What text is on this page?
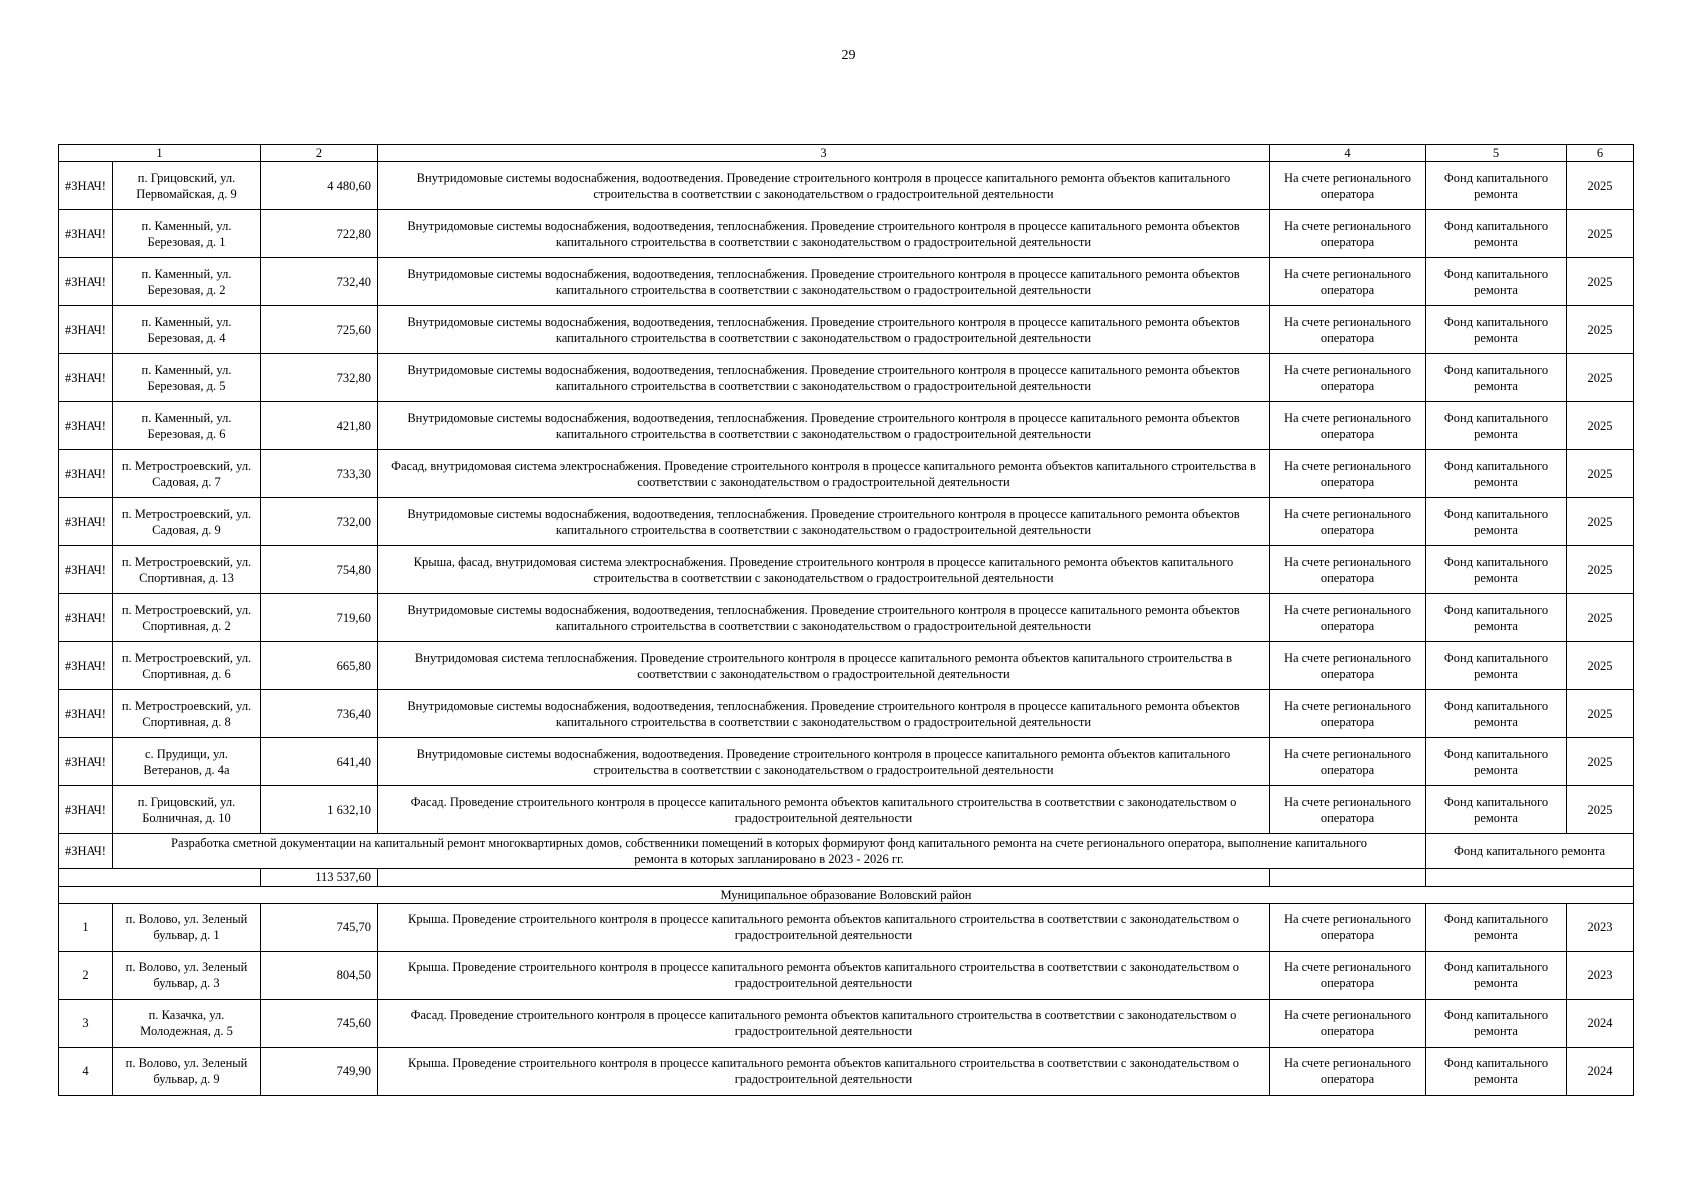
29
1		2	3	4	5	6
#ЗНАЧ!	п. Грицовский, ул. Первомайская, д. 9	4 480,60	Внутридомовые системы водоснабжения, водоотведения. Проведение строительного контроля в процессе капитального ремонта объектов капитального строительства в соответствии с законодательством о градостроительной деятельности	На счете регионального оператора	Фонд капитального ремонта	2025
#ЗНАЧ!	п. Каменный, ул. Березовая, д. 1	722,80	Внутридомовые системы водоснабжения, водоотведения, теплоснабжения. Проведение строительного контроля в процессе капитального ремонта объектов капитального строительства в соответствии с законодательством о градостроительной деятельности	На счете регионального оператора	Фонд капитального ремонта	2025
#ЗНАЧ!	п. Каменный, ул. Березовая, д. 2	732,40	Внутридомовые системы водоснабжения, водоотведения, теплоснабжения. Проведение строительного контроля в процессе капитального ремонта объектов капитального строительства в соответствии с законодательством о градостроительной деятельности	На счете регионального оператора	Фонд капитального ремонта	2025
#ЗНАЧ!	п. Каменный, ул. Березовая, д. 4	725,60	Внутридомовые системы водоснабжения, водоотведения, теплоснабжения. Проведение строительного контроля в процессе капитального ремонта объектов капитального строительства в соответствии с законодательством о градостроительной деятельности	На счете регионального оператора	Фонд капитального ремонта	2025
#ЗНАЧ!	п. Каменный, ул. Березовая, д. 5	732,80	Внутридомовые системы водоснабжения, водоотведения, теплоснабжения. Проведение строительного контроля в процессе капитального ремонта объектов капитального строительства в соответствии с законодательством о градостроительной деятельности	На счете регионального оператора	Фонд капитального ремонта	2025
#ЗНАЧ!	п. Каменный, ул. Березовая, д. 6	421,80	Внутридомовые системы водоснабжения, водоотведения, теплоснабжения. Проведение строительного контроля в процессе капитального ремонта объектов капитального строительства в соответствии с законодательством о градостроительной деятельности	На счете регионального оператора	Фонд капитального ремонта	2025
#ЗНАЧ!	п. Метростроевский, ул. Садовая, д. 7	733,30	Фасад, внутридомовая система электроснабжения. Проведение строительного контроля в процессе капитального ремонта объектов капитального строительства в соответствии с законодательством о градостроительной деятельности	На счете регионального оператора	Фонд капитального ремонта	2025
#ЗНАЧ!	п. Метростроевский, ул. Садовая, д. 9	732,00	Внутридомовые системы водоснабжения, водоотведения, теплоснабжения. Проведение строительного контроля в процессе капитального ремонта объектов капитального строительства в соответствии с законодательством о градостроительной деятельности	На счете регионального оператора	Фонд капитального ремонта	2025
#ЗНАЧ!	п. Метростроевский, ул. Спортивная, д. 13	754,80	Крыша, фасад, внутридомовая система электроснабжения. Проведение строительного контроля в процессе капитального ремонта объектов капитального строительства в соответствии с законодательством о градостроительной деятельности	На счете регионального оператора	Фонд капитального ремонта	2025
#ЗНАЧ!	п. Метростроевский, ул. Спортивная, д. 2	719,60	Внутридомовые системы водоснабжения, водоотведения, теплоснабжения. Проведение строительного контроля в процессе капитального ремонта объектов капитального строительства в соответствии с законодательством о градостроительной деятельности	На счете регионального оператора	Фонд капитального ремонта	2025
#ЗНАЧ!	п. Метростроевский, ул. Спортивная, д. 6	665,80	Внутридомовая система теплоснабжения. Проведение строительного контроля в процессе капитального ремонта объектов капитального строительства в соответствии с законодательством о градостроительной деятельности	На счете регионального оператора	Фонд капитального ремонта	2025
#ЗНАЧ!	п. Метростроевский, ул. Спортивная, д. 8	736,40	Внутридомовые системы водоснабжения, водоотведения, теплоснабжения. Проведение строительного контроля в процессе капитального ремонта объектов капитального строительства в соответствии с законодательством о градостроительной деятельности	На счете регионального оператора	Фонд капитального ремонта	2025
#ЗНАЧ!	с. Прудищи, ул. Ветеранов, д. 4а	641,40	Внутридомовые системы водоснабжения, водоотведения. Проведение строительного контроля в процессе капитального ремонта объектов капитального строительства в соответствии с законодательством о градостроительной деятельности	На счете регионального оператора	Фонд капитального ремонта	2025
#ЗНАЧ!	п. Грицовский, ул. Болничная, д. 10	1 632,10	Фасад. Проведение строительного контроля в процессе капитального ремонта объектов капитального строительства в соответствии с законодательством о градостроительной деятельности	На счете регионального оператора	Фонд капитального ремонта	2025
#ЗНАЧ!	Разработка сметной документации на капитальный ремонт многоквартирных домов, собственники помещений в которых формируют фонд капитального ремонта на счете регионального оператора, выполнение капитального ремонта в которых запланировано в 2023 - 2026 гг.				Фонд капитального ремонта	
		113 537,60				
Муниципальное образование Воловский район						
1	п. Волово, ул. Зеленый бульвар, д. 1	745,70	Крыша. Проведение строительного контроля в процессе капитального ремонта объектов капитального строительства в соответствии с законодательством о градостроительной деятельности	На счете регионального оператора	Фонд капитального ремонта	2023
2	п. Волово, ул. Зеленый бульвар, д. 3	804,50	Крыша. Проведение строительного контроля в процессе капитального ремонта объектов капитального строительства в соответствии с законодательством о градостроительной деятельности	На счете регионального оператора	Фонд капитального ремонта	2023
3	п. Казачка, ул. Молодежная, д. 5	745,60	Фасад. Проведение строительного контроля в процессе капитального ремонта объектов капитального строительства в соответствии с законодательством о градостроительной деятельности	На счете регионального оператора	Фонд капитального ремонта	2024
4	п. Волово, ул. Зеленый бульвар, д. 9	749,90	Крыша. Проведение строительного контроля в процессе капитального ремонта объектов капитального строительства в соответствии с законодательством о градостроительной деятельности	На счете регионального оператора	Фонд капитального ремонта	2024
